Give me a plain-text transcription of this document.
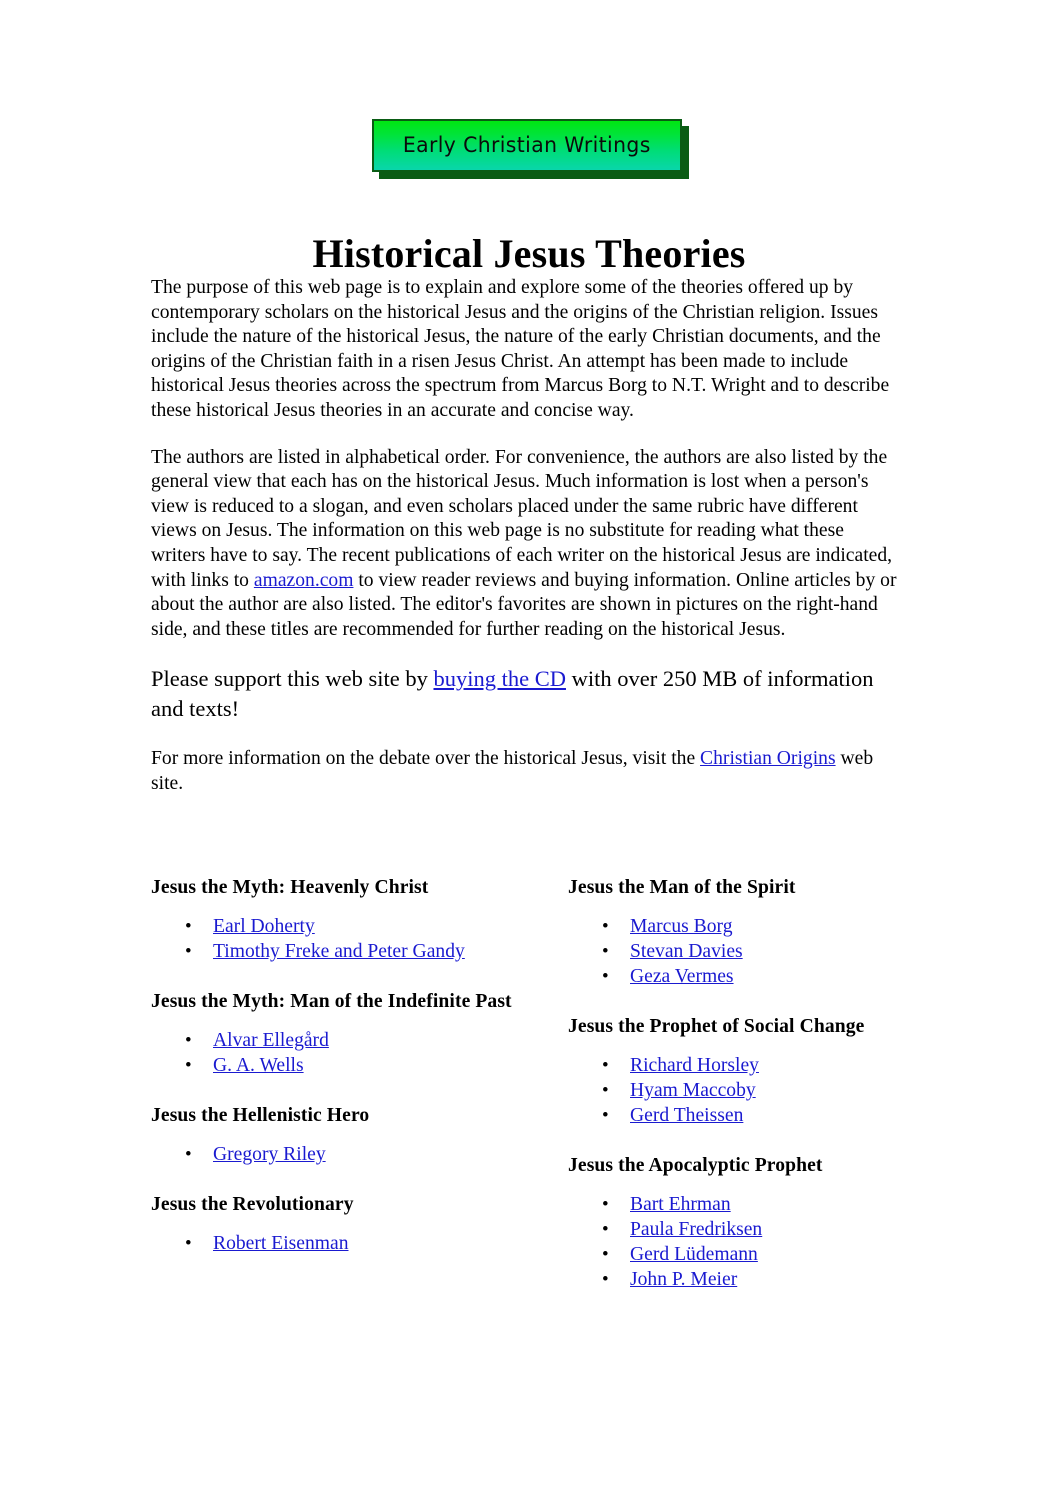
Early Christian Writings
Historical Jesus Theories

The purpose of this web page is to explain and explore some of the theories offered up by contemporary scholars on the historical Jesus and the origins of the Christian religion. Issues include the nature of the historical Jesus, the nature of the early Christian documents, and the origins of the Christian faith in a risen Jesus Christ. An attempt has been made to include historical Jesus theories across the spectrum from Marcus Borg to N.T. Wright and to describe these historical Jesus theories in an accurate and concise way.

The authors are listed in alphabetical order. For convenience, the authors are also listed by the general view that each has on the historical Jesus. Much information is lost when a person's view is reduced to a slogan, and even scholars placed under the same rubric have different views on Jesus. The information on this web page is no substitute for reading what these writers have to say. The recent publications of each writer on the historical Jesus are indicated, with links to amazon.com to view reader reviews and buying information. Online articles by or about the author are also listed. The editor's favorites are shown in pictures on the right-hand side, and these titles are recommended for further reading on the historical Jesus.

Please support this web site by buying the CD with over 250 MB of information and texts!

For more information on the debate over the historical Jesus, visit the Christian Origins web site.

Jesus the Myth: Heavenly Christ
• Earl Doherty
• Timothy Freke and Peter Gandy
Jesus the Myth: Man of the Indefinite Past
• Alvar Ellegård
• G. A. Wells
Jesus the Hellenistic Hero
• Gregory Riley
Jesus the Revolutionary
• Robert Eisenman
Jesus the Man of the Spirit
• Marcus Borg
• Stevan Davies
• Geza Vermes
Jesus the Prophet of Social Change
• Richard Horsley
• Hyam Maccoby
• Gerd Theissen
Jesus the Apocalyptic Prophet
• Bart Ehrman
• Paula Fredriksen
• Gerd Lüdemann
• John P. Meier
